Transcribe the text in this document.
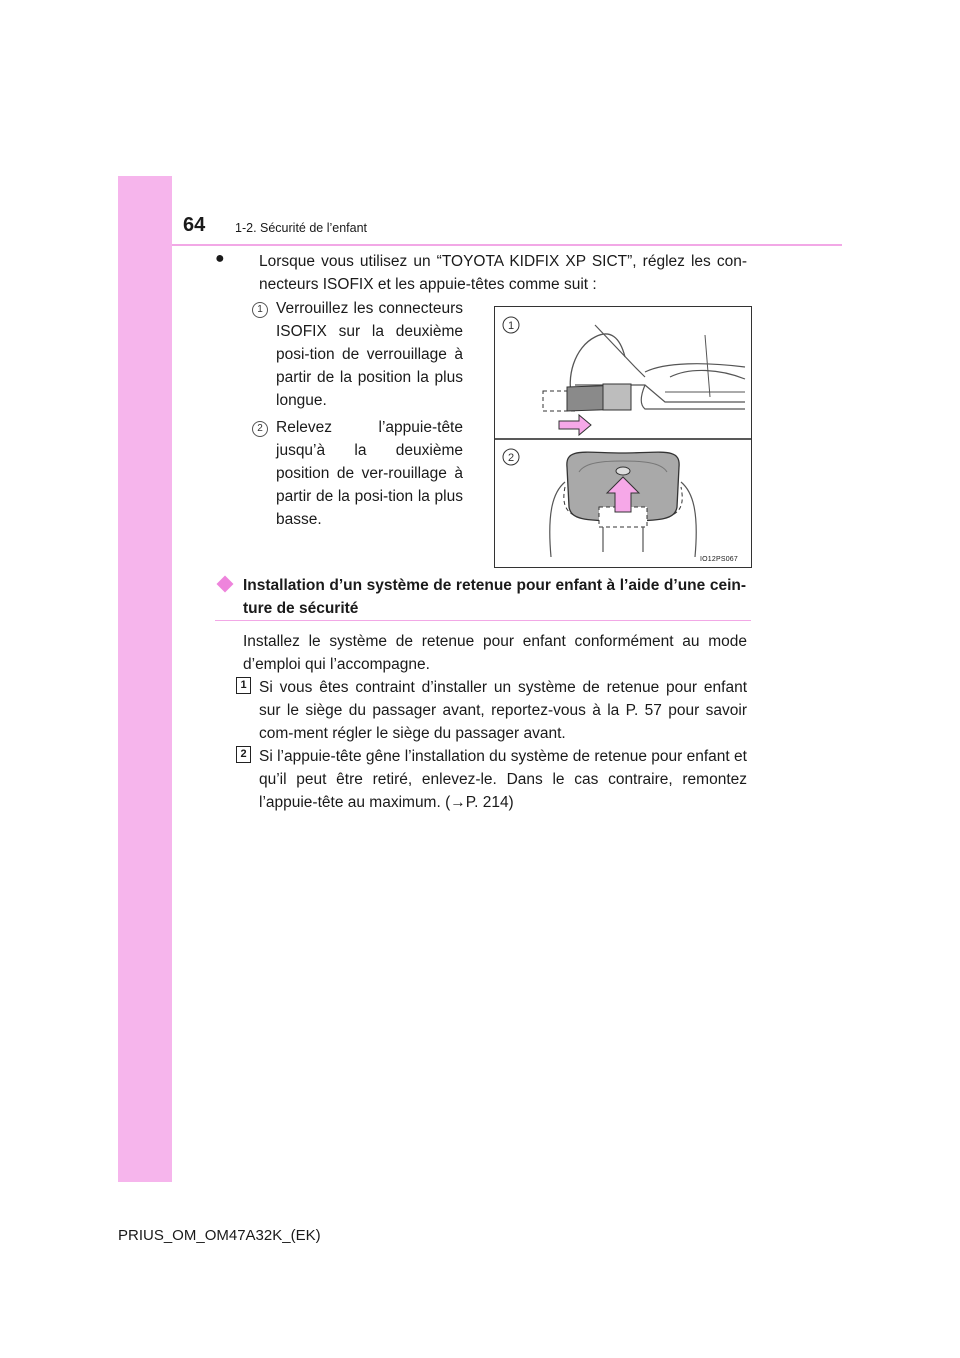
64 1-2. Sécurité de l’enfant
● Lorsque vous utilisez un “TOYOTA KIDFIX XP SICT”, réglez les con-necteurs ISOFIX et les appuie-têtes comme suit :
1 Verrouillez les connecteurs ISOFIX sur la deuxième posi-tion de verrouillage à partir de la position la plus longue.
2 Relevez l’appuie-tête jusqu’à la deuxième position de ver-rouillage à partir de la posi-tion la plus basse.
1
2
IO12PS067
Installation d’un système de retenue pour enfant à l’aide d’une cein-ture de sécurité
Installez le système de retenue pour enfant conformément au mode d’emploi qui l’accompagne.
1 Si vous êtes contraint d’installer un système de retenue pour enfant sur le siège du passager avant, reportez-vous à la P. 57 pour savoir com-ment régler le siège du passager avant.
2 Si l’appuie-tête gêne l’installation du système de retenue pour enfant et qu’il peut être retiré, enlevez-le. Dans le cas contraire, remontez l’appuie-tête au maximum. (→P. 214)
PRIUS_OM_OM47A32K_(EK)
